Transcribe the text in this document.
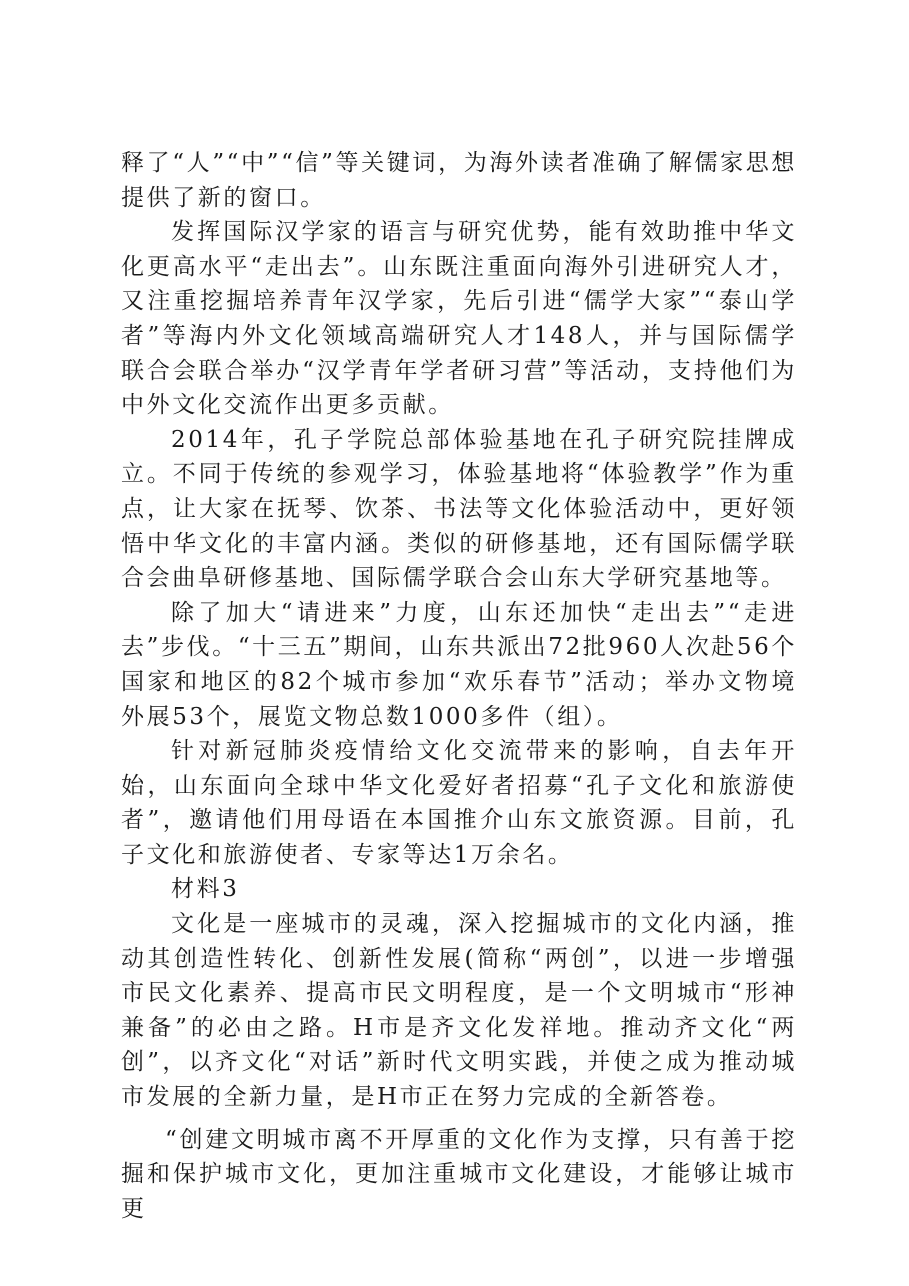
释了“人”“中”“信”等关键词，为海外读者准确了解儒家思想提供了新的窗口。

发挥国际汉学家的语言与研究优势，能有效助推中华文化更高水平“走出去”。山东既注重面向海外引进研究人才，又注重挖掘培养青年汉学家，先后引进“儒学大家”“泰山学者”等海内外文化领域高端研究人才148人，并与国际儒学联合会联合举办“汉学青年学者研习营”等活动，支持他们为中外文化交流作出更多贡献。

2014年，孔子学院总部体验基地在孔子研究院挂牌成立。不同于传统的参观学习，体验基地将“体验教学”作为重点，让大家在抚琴、饮茶、书法等文化体验活动中，更好领悟中华文化的丰富内涵。类似的研修基地，还有国际儒学联合会曲阜研修基地、国际儒学联合会山东大学研究基地等。

除了加大“请进来”力度，山东还加快“走出去”“走进去”步伐。“十三五”期间，山东共派出72批960人次赴56个国家和地区的82个城市参加“欢乐春节”活动；举办文物境外展53个，展览文物总数1000多件（组）。

针对新冠肺炎疫情给文化交流带来的影响，自去年开始，山东面向全球中华文化爱好者招募“孔子文化和旅游使者”，邀请他们用母语在本国推介山东文旅资源。目前，孔子文化和旅游使者、专家等达1万余名。

材料3

文化是一座城市的灵魂，深入挖掘城市的文化内涵，推动其创造性转化、创新性发展(简称“两创”，以进一步增强市民文化素养、提高市民文明程度，是一个文明城市“形神兼备”的必由之路。H市是齐文化发祥地。推动齐文化“两创”，以齐文化“对话”新时代文明实践，并使之成为推动城市发展的全新力量，是H市正在努力完成的全新答卷。

“创建文明城市离不开厚重的文化作为支撑，只有善于挖掘和保护城市文化，更加注重城市文化建设，才能够让城市更
